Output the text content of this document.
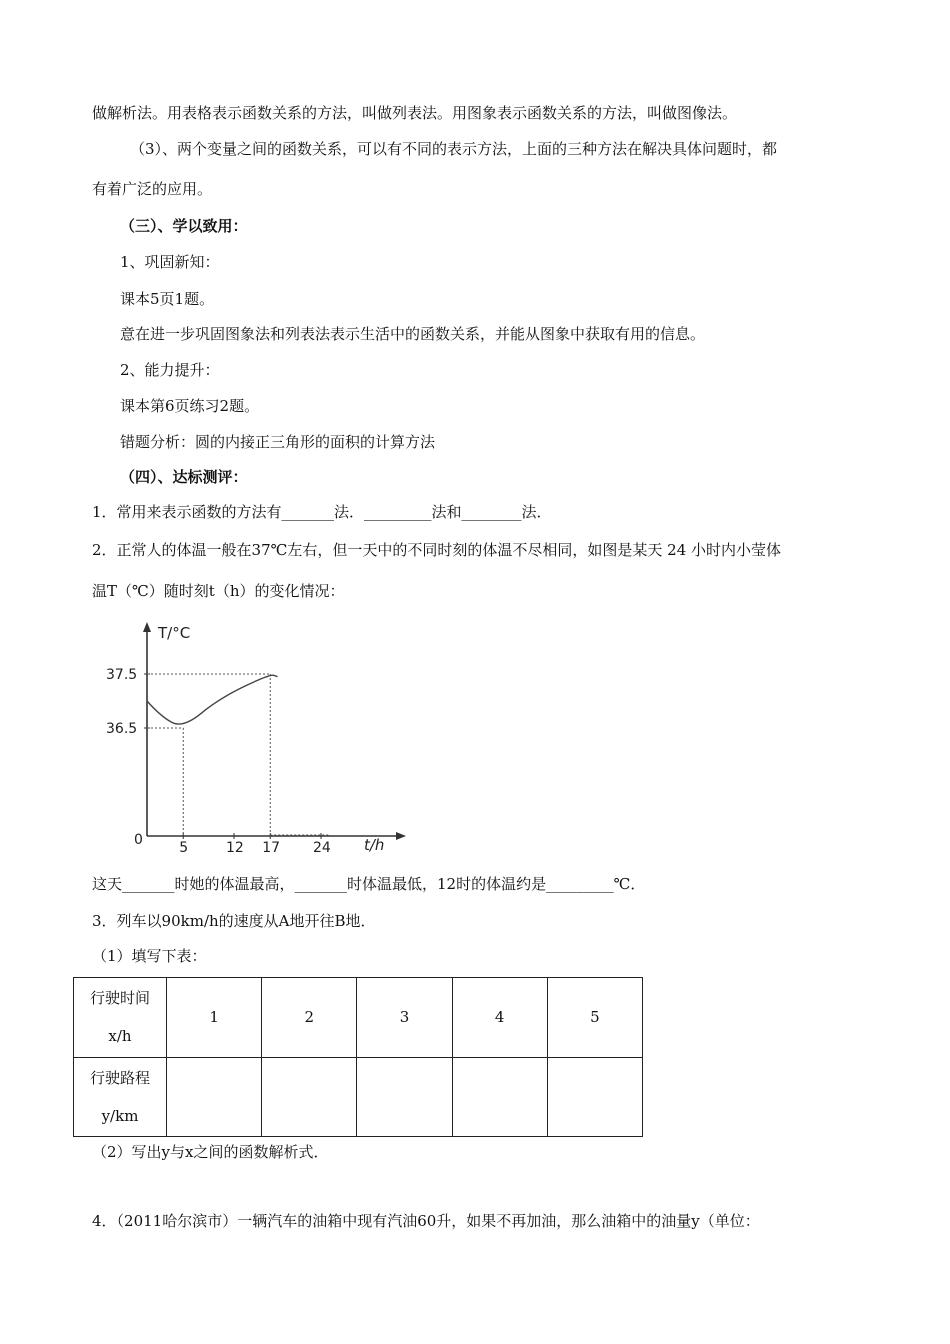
做解析法。用表格表示函数关系的方法，叫做列表法。用图象表示函数关系的方法，叫做图像法。
（3）、两个变量之间的函数关系，可以有不同的表示方法，上面的三种方法在解决具体问题时，都
有着广泛的应用。
（三）、学以致用：
1、巩固新知：
课本5页1题。
意在进一步巩固图象法和列表法表示生活中的函数关系，并能从图象中获取有用的信息。
2、能力提升：
课本第6页练习2题。
错题分析：圆的内接正三角形的面积的计算方法
（四）、达标测评：
1．常用来表示函数的方法有_______法．_________法和________法．
2．正常人的体温一般在37℃左右，但一天中的不同时刻的体温不尽相同，如图是某天 24 小时内小莹体
温T（℃）随时刻t（h）的变化情况：
T/°C
0	t/h
36.5
37.5
5	12 17 24
这天_______时她的体温最高，_______时体温最低，12时的体温约是_________℃．
3．列车以90km/h的速度从A地开往B地．
（1）填写下表：
行驶时间
x/h	1	2	3	4	5

行驶路程
y/km					

（2）写出y与x之间的函数解析式．
4．（2011哈尔滨市）一辆汽车的油箱中现有汽油60升，如果不再加油，那么油箱中的油量y（单位：
